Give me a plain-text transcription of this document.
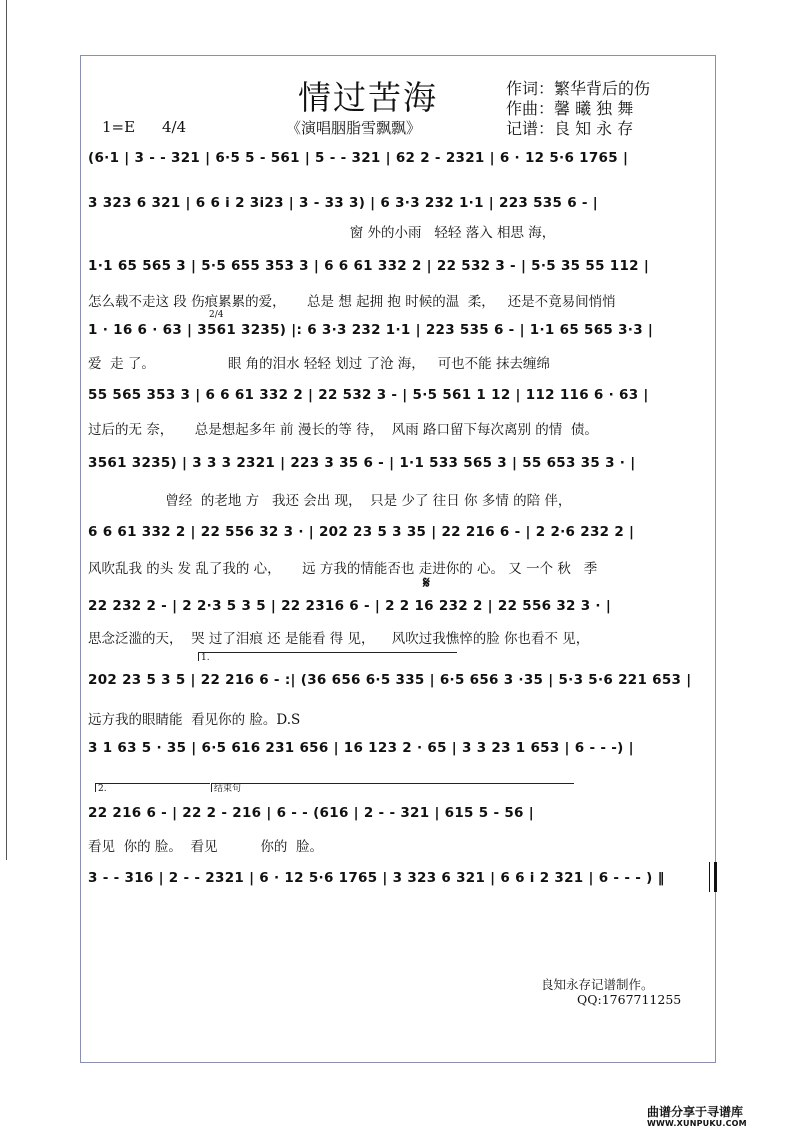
情过苦海
《演唱胭脂雪飘飘》
作词：繁华背后的伤
作曲：馨 曦 独 舞
记谱：良 知 永 存
1=E 4/4
(6·1 | 3 - - 321 | 6·5 5 - 561 | 5 - - 321 | 62 2 - 2321 | 6 · 12 5·6 1765 |
3 323 6 321 | 6 6 i 2 3i23 | 3 - 33 3) | 6 3·3 232 1·1 | 223 535 6 - |
窗 外的小雨   轻轻 落入 相思 海，
1·1 65 565 3 | 5·5 655 353 3 | 6 6 61 332 2 | 22 532 3 - | 5·5 35 55 112 |
怎么载不走这 段 伤痕累累的爱，     总是 想 起拥 抱 时候的温  柔，   还是不竟易间悄悄
1 · 16 6 · 63 | 3561 3235) |: 6 3·3 232 1·1 | 223 535 6 - | 1·1 65 565 3·3 |
爱  走 了。                 眼 角的泪水 轻轻 划过 了沧 海，   可也不能 抹去缠绵
2/4
55 565 353 3 | 6 6 61 332 2 | 22 532 3 - | 5·5 561 1 12 | 112 116 6 · 63 |
过后的无 奈，     总是想起多年 前 漫长的等 待，  风雨 路口留下每次离别 的情  债。
3561 3235) | 3 3 3 2321 | 223 3 35 6 - | 1·1 533 565 3 | 55 653 35 3 · |
曾经  的老地 方   我还 会出 现，  只是 少了 往日 你 多情 的陪 伴，
6 6 61 332 2 | 22 556 32 3 · | 202 23 5 3 35 | 22 216 6 - | 2 2·6 232 2 |
风吹乱我 的头 发 乱了我的 心，     远 方我的情能否也 走进你的 心。 又 一个 秋   季
𝄋
22 232 2 - | 2 2·3 5 3 5 | 22 2316 6 - | 2 2 16 232 2 | 22 556 32 3 · |
思念泛滥的天，  哭 过了泪痕 还 是能看 得 见，    风吹过我憔悴的脸 你也看不 见，
1.
202 23 5 3 5 | 22 216 6 - :| (36 656 6·5 335 | 6·5 656 3 ·35 | 5·3 5·6 221 653 |
远方我的眼睛能  看见你的 脸。D.S
3 1 63 5 · 35 | 6·5 616 231 656 | 16 123 2 · 65 | 3 3 23 1 653 | 6 - - -) |
2.	结束句
22 216 6 - | 22 2 - 216 | 6 - - (616 | 2 - - 321 | 615 5 - 56 |
看见  你的 脸。  看见          你的  脸。
3 - - 316 | 2 - - 2321 | 6 · 12 5·6 1765 | 3 323 6 321 | 6 6 i 2 321 | 6 - - - ) ‖
良知永存记谱制作。
QQ:1767711255
曲谱分享于寻谱库
WWW.XUNPUKU.COM
